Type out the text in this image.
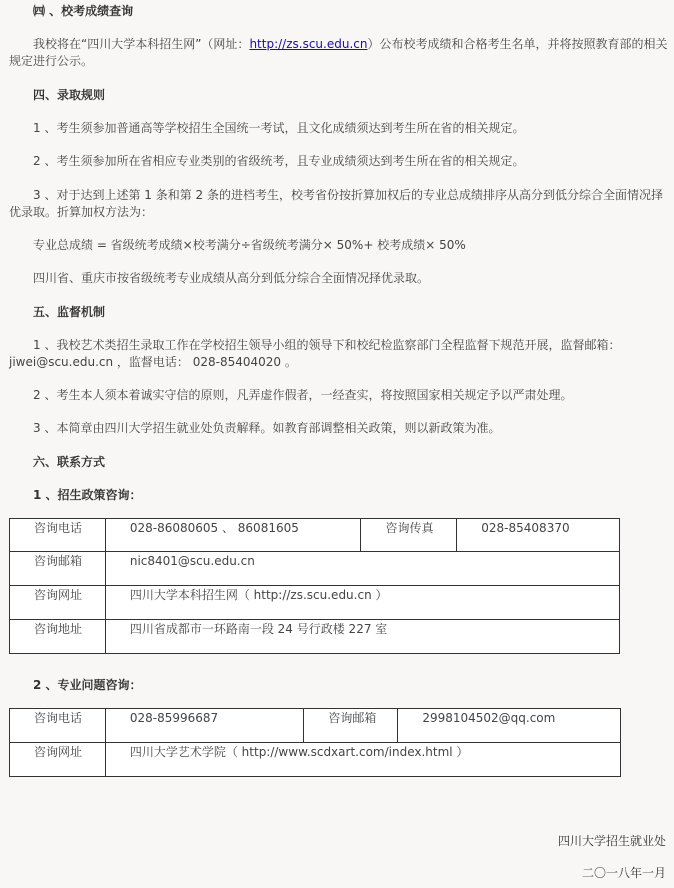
㈣ 、校考成绩查询
我校将在“四川大学本科招生网”（网址：http://zs.scu.edu.cn）公布校考成绩和合格考生名单，并将按照教育部的相关
规定进行公示。
四、录取规则
1 、考生须参加普通高等学校招生全国统一考试，且文化成绩须达到考生所在省的相关规定。
2 、考生须参加所在省相应专业类别的省级统考，且专业成绩须达到考生所在省的相关规定。
3 、对于达到上述第 1 条和第 2 条的进档考生，校考省份按折算加权后的专业总成绩排序从高分到低分综合全面情况择
优录取。折算加权方法为：
专业总成绩 = 省级统考成绩×校考满分÷省级统考满分× 50%+ 校考成绩× 50%
四川省、重庆市按省级统考专业成绩从高分到低分综合全面情况择优录取。
五、监督机制
1 、我校艺术类招生录取工作在学校招生领导小组的领导下和校纪检监察部门全程监督下规范开展，监督邮箱：
jiwei@scu.edu.cn ，监督电话： 028-85404020 。
2 、考生本人须本着诚实守信的原则，凡弄虚作假者，一经查实，将按照国家相关规定予以严肃处理。
3 、本简章由四川大学招生就业处负责解释。如教育部调整相关政策，则以新政策为准。
六、联系方式
1 、招生政策咨询：
咨询电话	028-86080605 、 86081605	咨询传真	028-85408370
咨询邮箱	nic8401@scu.edu.cn		
咨询网址	四川大学本科招生网（ http://zs.scu.edu.cn ）		
咨询地址	四川省成都市一环路南一段 24 号行政楼 227 室		
2 、专业问题咨询：
咨询电话	028-85996687	咨询邮箱	2998104502@qq.com
咨询网址	四川大学艺术学院（ http://www.scdxart.com/index.html ）		
四川大学招生就业处
二〇一八年一月
